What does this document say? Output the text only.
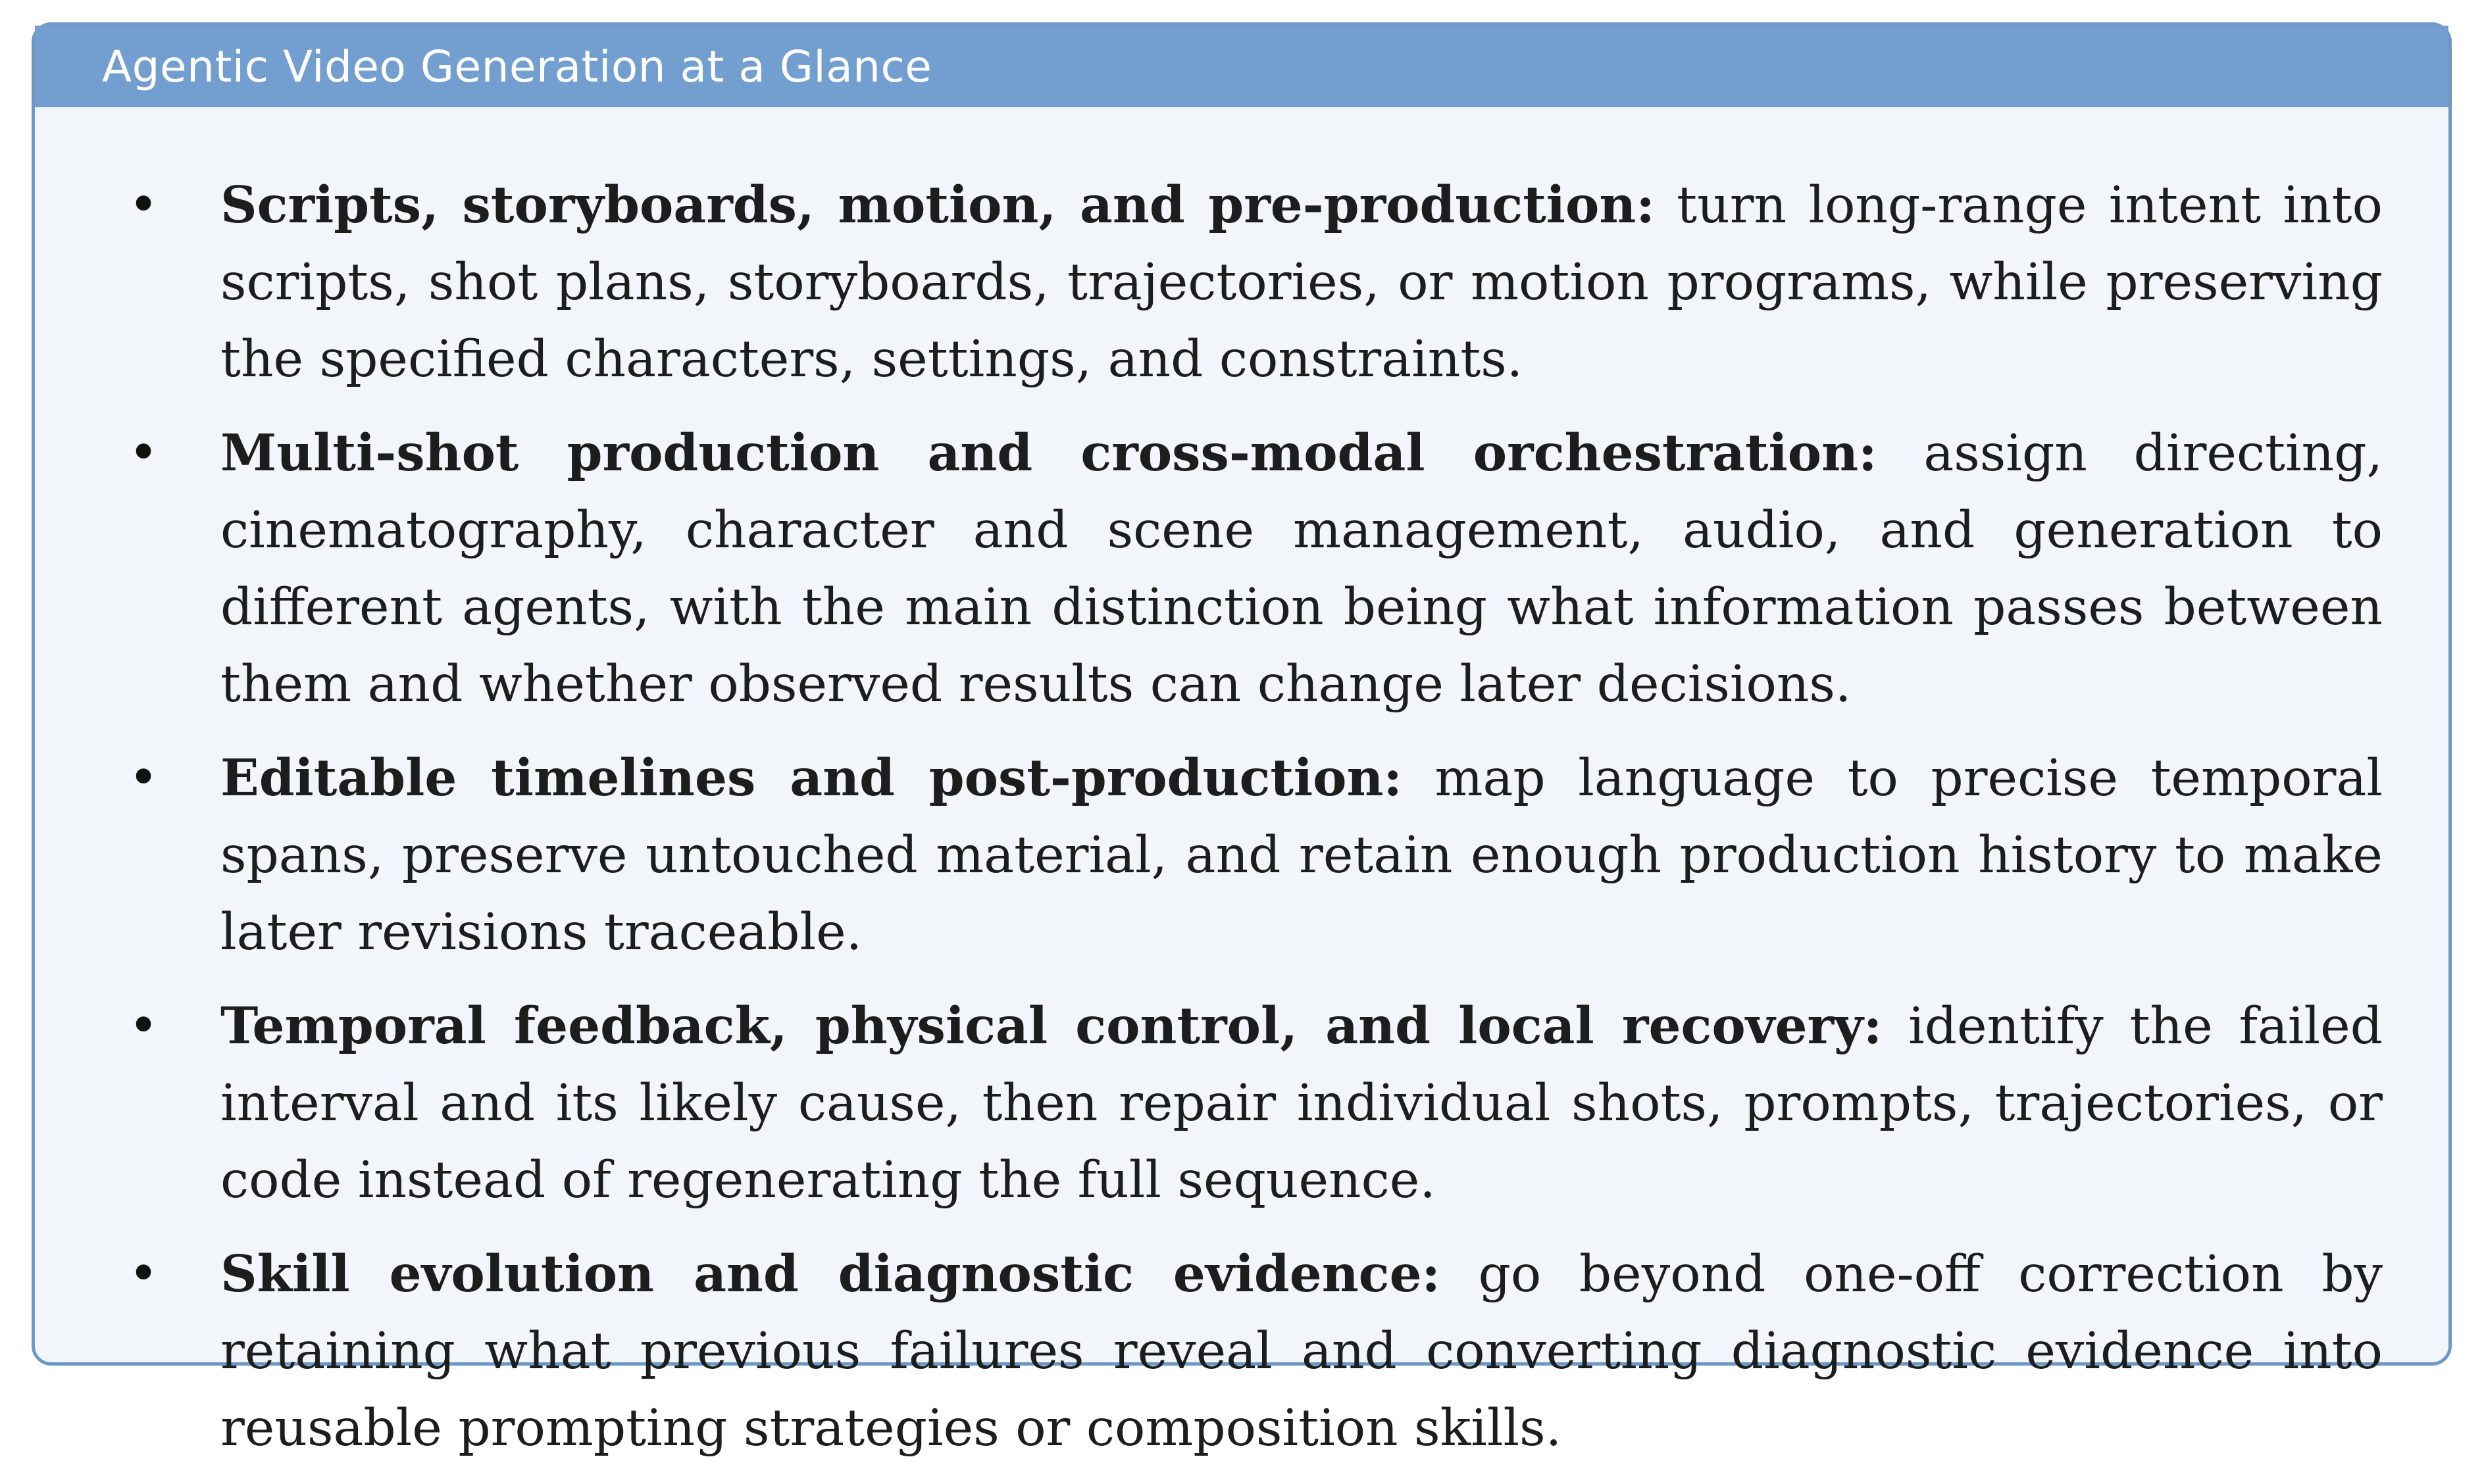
Agentic Video Generation at a Glance
• Scripts, storyboards, motion, and pre-production: turn long-range intent into scripts, shot plans, storyboards, trajectories, or motion programs, while preserving the specified characters, settings, and constraints.
• Multi-shot production and cross-modal orchestration: assign directing, cinematography, character and scene management, audio, and generation to different agents, with the main distinction being what information passes between them and whether observed results can change later decisions.
• Editable timelines and post-production: map language to precise temporal spans, preserve untouched material, and retain enough production history to make later revisions traceable.
• Temporal feedback, physical control, and local recovery: identify the failed interval and its likely cause, then repair individual shots, prompts, trajectories, or code instead of regenerating the full sequence.
• Skill evolution and diagnostic evidence: go beyond one-off correction by retaining what previous failures reveal and converting diagnostic evidence into reusable prompting strategies or composition skills.
